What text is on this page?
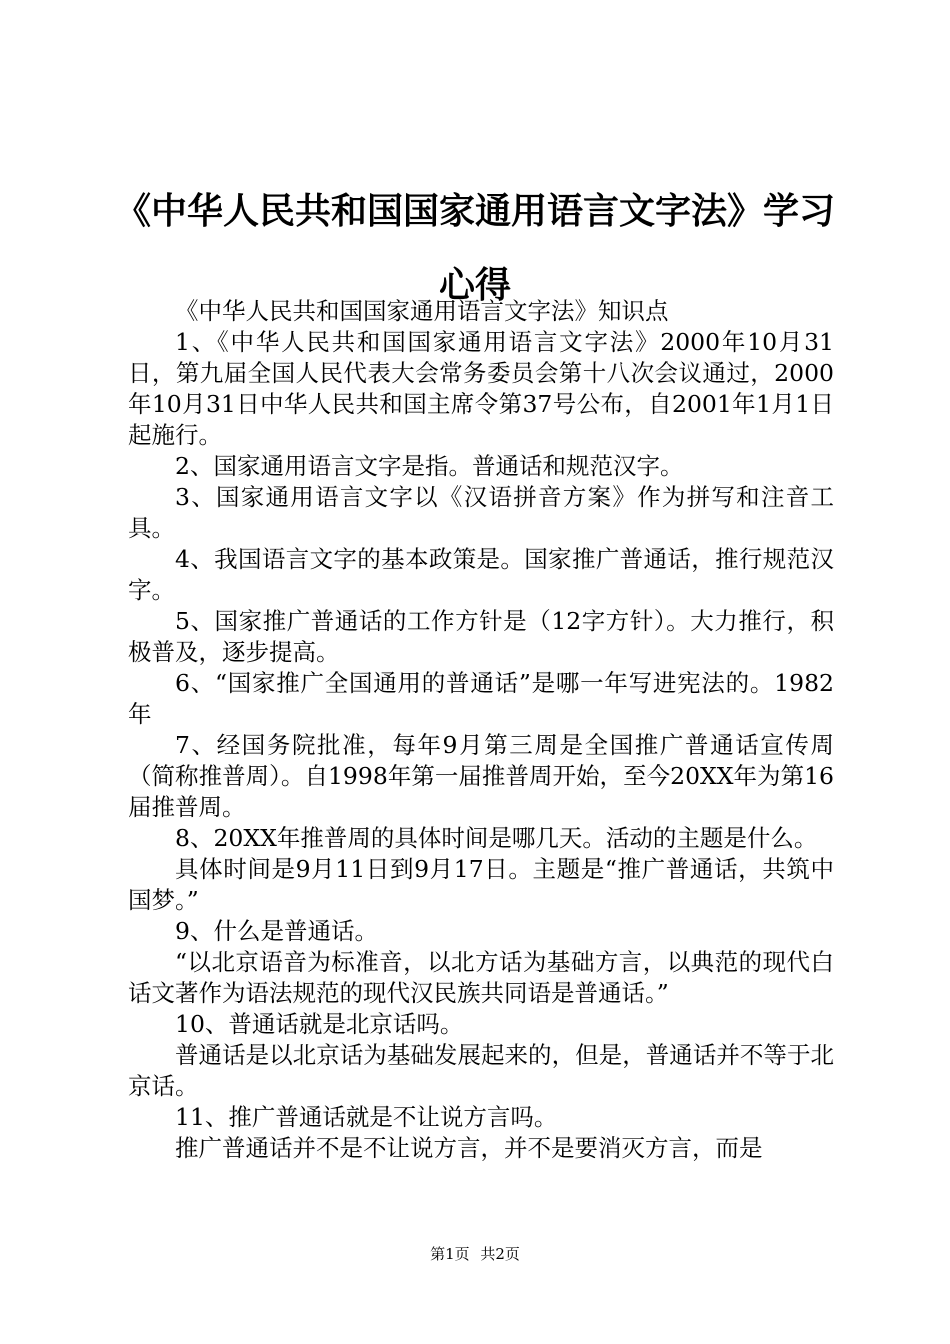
《中华人民共和国国家通用语言文字法》学习
心得

《中华人民共和国国家通用语言文字法》知识点

1、《中华人民共和国国家通用语言文字法》2000年10月31日，第九届全国人民代表大会常务委员会第十八次会议通过，2000年10月31日中华人民共和国主席令第37号公布，自2001年1月1日起施行。

2、国家通用语言文字是指。普通话和规范汉字。

3、国家通用语言文字以《汉语拼音方案》作为拼写和注音工具。

4、我国语言文字的基本政策是。国家推广普通话，推行规范汉字。

5、国家推广普通话的工作方针是（12字方针）。大力推行，积极普及，逐步提高。

6、“国家推广全国通用的普通话”是哪一年写进宪法的。1982年

7、经国务院批准，每年9月第三周是全国推广普通话宣传周（简称推普周）。自1998年第一届推普周开始，至今20XX年为第16届推普周。

8、20XX年推普周的具体时间是哪几天。活动的主题是什么。

具体时间是9月11日到9月17日。主题是“推广普通话，共筑中国梦。”

9、什么是普通话。

“以北京语音为标准音，以北方话为基础方言，以典范的现代白话文著作为语法规范的现代汉民族共同语是普通话。”

10、普通话就是北京话吗。

普通话是以北京话为基础发展起来的，但是，普通话并不等于北京话。

11、推广普通话就是不让说方言吗。

推广普通话并不是不让说方言，并不是要消灭方言，而是

第1页 共2页
